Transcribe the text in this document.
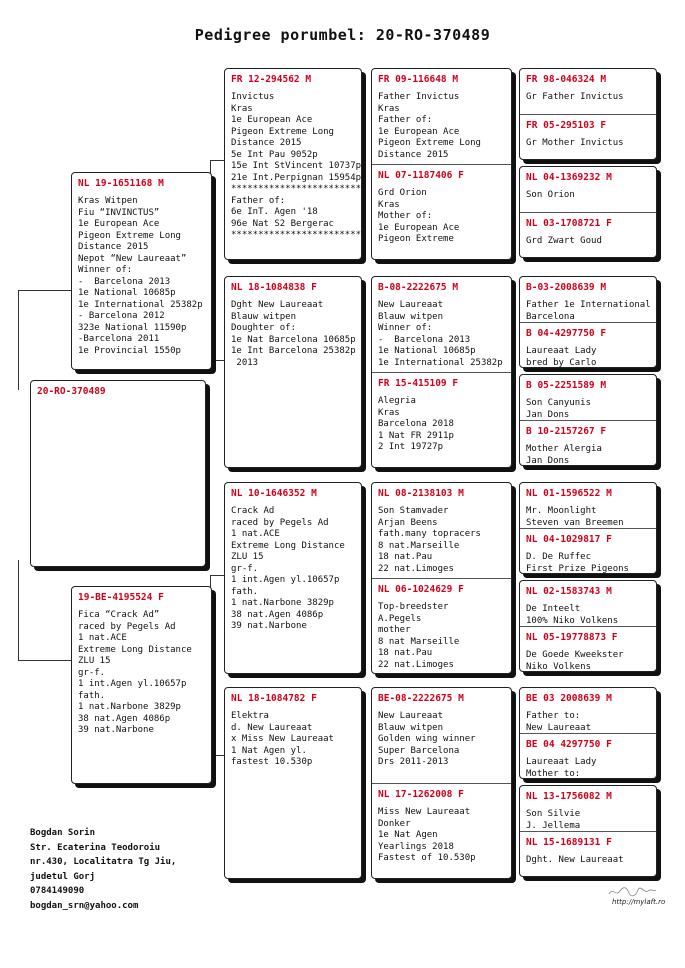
Pedigree porumbel: 20-RO-370489
20-RO-370489
NL 19-1651168 M
Kras Witpen
Fiu “INVINCTUS”
1e European Ace
Pigeon Extreme Long
Distance 2015
Nepot “New Laureaat”
Winner of:
-  Barcelona 2013
1e National 10685p
1e International 25382p
- Barcelona 2012
323e National 11590p
-Barcelona 2011
1e Provincial 1550p
19-BE-4195524 F
Fica “Crack Ad”
raced by Pegels Ad
1 nat.ACE
Extreme Long Distance
ZLU 15
gr-f.
1 int.Agen yl.10657p
fath.
1 nat.Narbone 3829p
38 nat.Agen 4086p
39 nat.Narbone
FR 12-294562 M
Invictus
Kras
1e European Ace
Pigeon Extreme Long
Distance 2015
5e Int Pau 9052p
15e Int StVincent 10737p
21e Int.Perpignan 15954p
************************
Father of:
6e InT. Agen '18
96e Nat S2 Bergerac
************************
NL 18-1084838 F
Dght New Laureaat
Blauw witpen
Doughter of:
1e Nat Barcelona 10685p
1e Int Barcelona 25382p
2013
NL 10-1646352 M
Crack Ad
raced by Pegels Ad
1 nat.ACE
Extreme Long Distance
ZLU 15
gr-f.
1 int.Agen yl.10657p
fath.
1 nat.Narbone 3829p
38 nat.Agen 4086p
39 nat.Narbone
NL 18-1084782 F
Elektra
d. New Laureaat
x Miss New Laureaat
1 Nat Agen yl.
fastest 10.530p
FR 09-116648 M
Father Invictus
Kras
Father of:
1e European Ace
Pigeon Extreme Long
Distance 2015
NL 07-1187406 F
Grd Orion
Kras
Mother of:
1e European Ace
Pigeon Extreme
B-08-2222675 M
New Laureaat
Blauw witpen
Winner of:
-  Barcelona 2013
1e National 10685p
1e International 25382p
FR 15-415109 F
Alegria
Kras
Barcelona 2018
1 Nat FR 2911p
2 Int 19727p
NL 08-2138103 M
Son Stamvader
Arjan Beens
fath.many topracers
8 nat.Marseille
18 nat.Pau
22 nat.Limoges
NL 06-1024629 F
Top-breedster
A.Pegels
mother
8 nat Marseille
18 nat.Pau
22 nat.Limoges
BE-08-2222675 M
New Laureaat
Blauw witpen
Golden wing winner
Super Barcelona
Drs 2011-2013
NL 17-1262008 F
Miss New Laureaat
Donker
1e Nat Agen
Yearlings 2018
Fastest of 10.530p
FR 98-046324 M
Gr Father Invictus
FR 05-295103 F
Gr Mother Invictus
NL 04-1369232 M
Son Orion
NL 03-1708721 F
Grd Zwart Goud
B-03-2008639 M
Father 1e International
Barcelona
B 04-4297750 F
Laureaat Lady
bred by Carlo
B 05-2251589 M
Son Canyunis
Jan Dons
B 10-2157267 F
Mother Alergia
Jan Dons
NL 01-1596522 M
Mr. Moonlight
Steven van Breemen
NL 04-1029817 F
D. De Ruffec
First Prize Pigeons
NL 02-1583743 M
De Inteelt
100% Niko Volkens
NL 05-19778873 F
De Goede Kweekster
Niko Volkens
BE 03 2008639 M
Father to:
New Laureaat
BE 04 4297750 F
Laureaat Lady
Mother to:
NL 13-1756082 M
Son Silvie
J. Jellema
NL 15-1689131 F
Dght. New Laureaat
Bogdan Sorin
Str. Ecaterina Teodoroiu
nr.430, Localitatra Tg Jiu,
judetul Gorj
0784149090
bogdan_srn@yahoo.com	http://mylaft.ro
